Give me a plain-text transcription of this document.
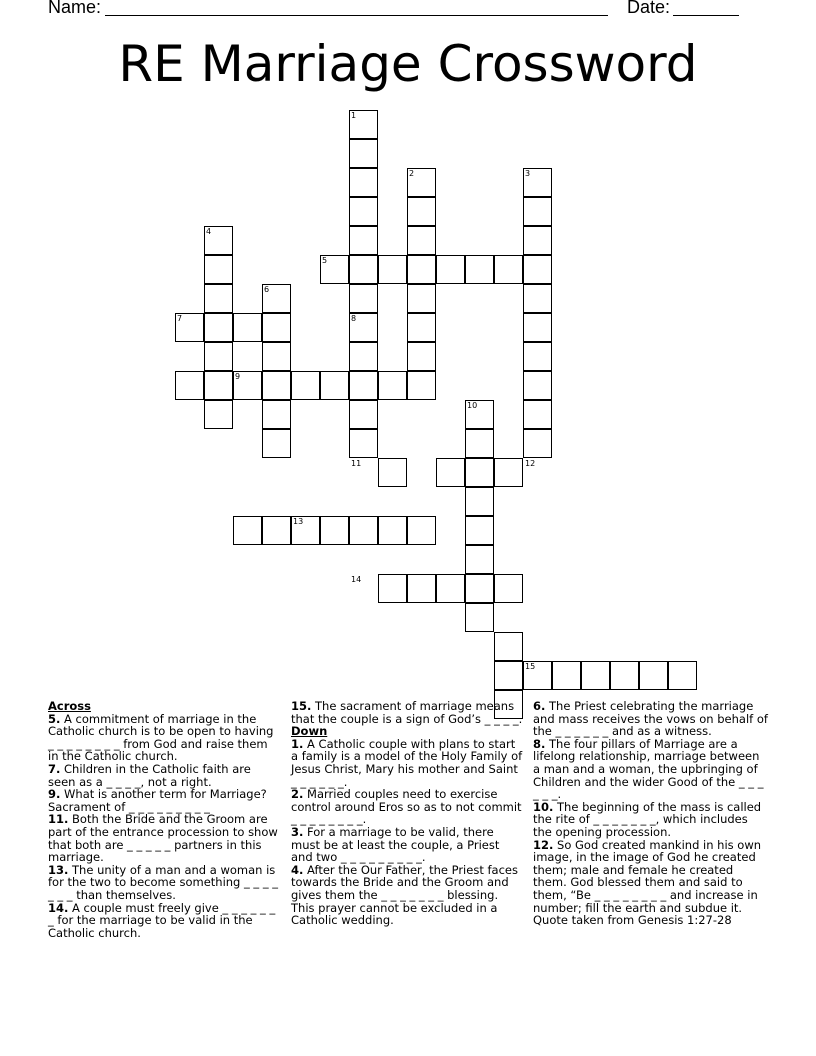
Name:	Date:
RE Marriage Crossword
1
2	3
4
5
6
7	8
9
10
11	12
13
14
15

Across

5. A commitment of marriage in the Catholic church is to be open to having _ _ _ _ _ _ _ _ from God and raise them in the Catholic church.

7. Children in the Catholic faith are seen as a _ _ _ _, not a right.

9. What is another term for Marriage? Sacrament of _ _ _ _ _ _ _ _ _

11. Both the Bride and the Groom are part of the entrance procession to show that both are _ _ _ _ _ partners in this marriage.

13. The unity of a man and a woman is for the two to become something _ _ _ _ _ _ _ than themselves.

14. A couple must freely give _ _ _ _ _ _ _ for the marriage to be valid in the Catholic church.

15. The sacrament of marriage means that the couple is a sign of God’s _ _ _ _.

Down

1. A Catholic couple with plans to start a family is a model of the Holy Family of Jesus Christ, Mary his mother and Saint _ _ _ _ _ _.

2. Married couples need to exercise control around Eros so as to not commit _ _ _ _ _ _ _ _.

3. For a marriage to be valid, there must be at least the couple, a Priest and two _ _ _ _ _ _ _ _ _.

4. After the Our Father, the Priest faces towards the Bride and the Groom and gives them the _ _ _ _ _ _ _ blessing. This prayer cannot be excluded in a Catholic wedding.

6. The Priest celebrating the marriage and mass receives the vows on behalf of the _ _ _ _ _ _ and as a witness.

8. The four pillars of Marriage are a lifelong relationship, marriage between a man and a woman, the upbringing of Children and the wider Good of the _ _ _ _ _ _.

10. The beginning of the mass is called the rite of _ _ _ _ _ _ _, which includes the opening procession.

12. So God created mankind in his own image, in the image of God he created them; male and female he created them. God blessed them and said to them, “Be _ _ _ _ _ _ _ _ and increase in number; fill the earth and subdue it. Quote taken from Genesis 1:27-28
